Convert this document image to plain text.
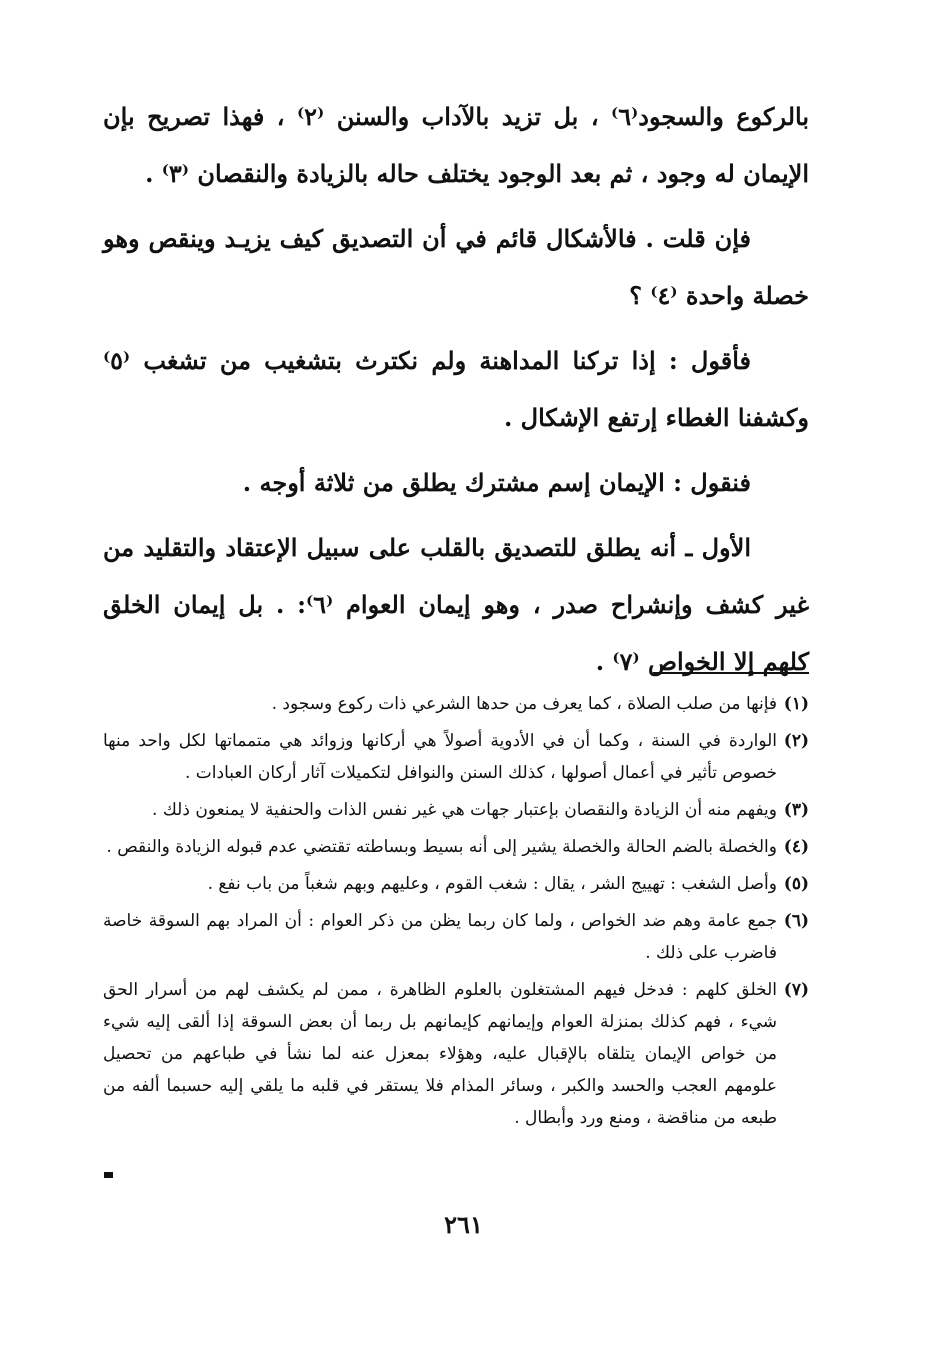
بالركوع والسجود⁽٦⁾ ، بل تزيد بالآداب والسنن ⁽٢⁾ ، فهذا تصريح بإن الإيمان له وجود ، ثم بعد الوجود يختلف حاله بالزيادة والنقصان ⁽٣⁾ .

فإن قلت . فالأشكال قائم في أن التصديق كيف يزيـد وينقص وهو خصلة واحدة ⁽٤⁾ ؟

فأقول : إذا تركنا المداهنة ولم نكترث بتشغيب من تشغب ⁽٥⁾ وكشفنا الغطاء إرتفع الإشكال .

فنقول : الإيمان إسم مشترك يطلق من ثلاثة أوجه .

الأول ـ أنه يطلق للتصديق بالقلب على سبيل الإعتقاد والتقليد من غير كشف وإنشراح صدر ، وهو إيمان العوام ⁽٦⁾: . بل إيمان الخلق كلهم إلا الخواص ⁽٧⁾ .

(١)
فإنها من صلب الصلاة ، كما يعرف من حدها الشرعي ذات ركوع وسجود .
(٢)
الواردة في السنة ، وكما أن في الأدوية أصولاً هي أركانها وزوائد هي متمماتها لكل واحد منها خصوص تأثير في أعمال أصولها ، كذلك السنن والنوافل لتكميلات آثار أركان العبادات .
(٣)
ويفهم منه أن الزيادة والنقصان بإعتبار جهات هي غير نفس الذات والحنفية لا يمنعون ذلك .
(٤)
والخصلة بالضم الحالة والخصلة يشير إلى أنه بسيط وبساطته تقتضي عدم قبوله الزيادة والنقص .
(٥)
وأصل الشغب : تهييج الشر ، يقال : شغب القوم ، وعليهم وبهم شغباً من باب نفع .
(٦)
جمع عامة وهم ضد الخواص ، ولما كان ربما يظن من ذكر العوام : أن المراد بهم السوقة خاصة فاضرب على ذلك .
(٧)
الخلق كلهم : فدخل فيهم المشتغلون بالعلوم الظاهرة ، ممن لم يكشف لهم من أسرار الحق شيء ، فهم كذلك بمنزلة العوام وإيمانهم كإيمانهم بل ربما أن بعض السوقة إذا ألقى إليه شيء من خواص الإيمان يتلقاه بالإقبال عليه، وهؤلاء بمعزل عنه لما نشأ في طباعهم من تحصيل علومهم العجب والحسد والكبر ، وسائر المذام فلا يستقر في قلبه ما يلقي إليه حسبما ألفه من طبعه من مناقضة ، ومنع ورد وأبطال .
٢٦١
